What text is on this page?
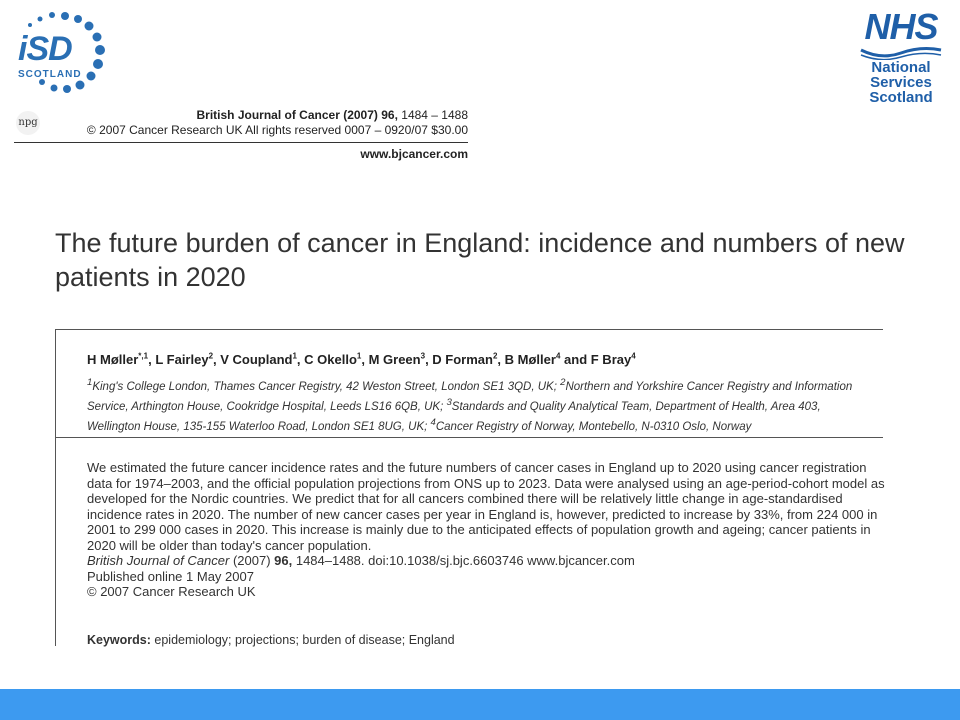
iSD
SCOTLAND
NHS
National
Services
Scotland
npg
British Journal of Cancer (2007) 96, 1484 – 1488
© 2007 Cancer Research UK All rights reserved 0007 – 0920/07 $30.00
www.bjcancer.com
The future burden of cancer in England: incidence and numbers of new patients in 2020
H Møller$^{*,1}$, L Fairley$^2$, V Coupland$^1$, C Okello$^1$, M Green$^3$, D Forman$^2$, B Møller$^4$ and F Bray$^4$
$^1$King's College London, Thames Cancer Registry, 42 Weston Street, London SE1 3QD, UK; $^2$Northern and Yorkshire Cancer Registry and Information Service, Arthington House, Cookridge Hospital, Leeds LS16 6QB, UK; $^3$Standards and Quality Analytical Team, Department of Health, Area 403, Wellington House, 135-155 Waterloo Road, London SE1 8UG, UK; $^4$Cancer Registry of Norway, Montebello, N-0310 Oslo, Norway

We estimated the future cancer incidence rates and the future numbers of cancer cases in England up to 2020 using cancer registration data for 1974–2003, and the official population projections from ONS up to 2023. Data were analysed using an age-period-cohort model as developed for the Nordic countries. We predict that for all cancers combined there will be relatively little change in age-standardised incidence rates in 2020. The number of new cancer cases per year in England is, however, predicted to increase by 33%, from 224 000 in 2001 to 299 000 cases in 2020. This increase is mainly due to the anticipated effects of population growth and ageing; cancer patients in 2020 will be older than today's cancer population.

British Journal of Cancer (2007) 96, 1484–1488. doi:10.1038/sj.bjc.6603746 www.bjcancer.com

Published online 1 May 2007

© 2007 Cancer Research UK

Keywords: epidemiology; projections; burden of disease; England
